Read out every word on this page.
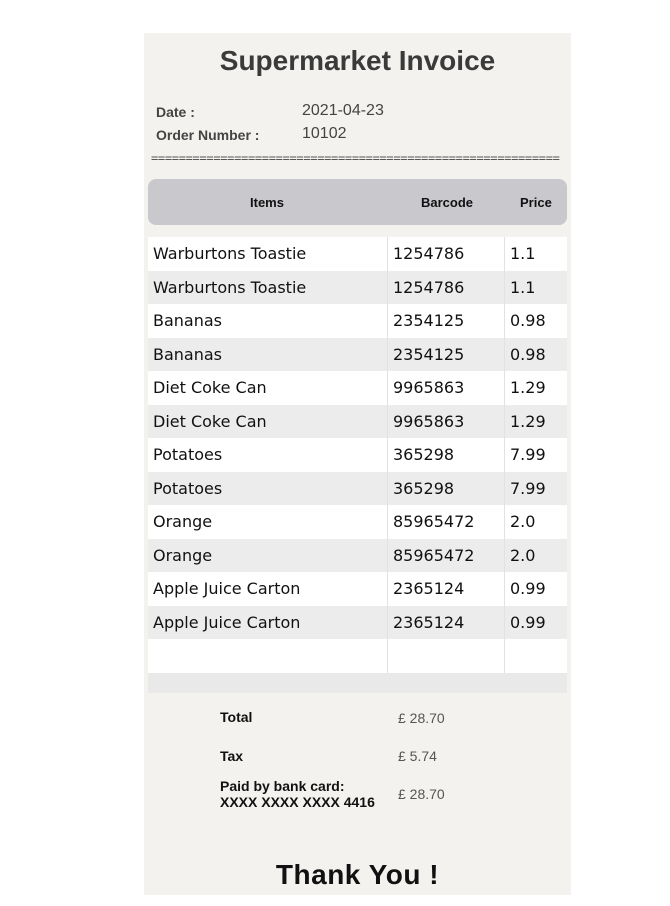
Supermarket Invoice
Date :	2021-04-23
Order Number :	10102
===========================================================
Items	Barcode	Price
Warburtons Toastie	1254786	1.1
Warburtons Toastie	1254786	1.1
Bananas	2354125	0.98
Bananas	2354125	0.98
Diet Coke Can	9965863	1.29
Diet Coke Can	9965863	1.29
Potatoes	365298	7.99
Potatoes	365298	7.99
Orange	85965472	2.0
Orange	85965472	2.0
Apple Juice Carton	2365124	0.99
Apple Juice Carton	2365124	0.99
Total	£ 28.70
Tax	£ 5.74
Paid by bank card:
XXXX XXXX XXXX 4416 £ 28.70
Thank You !
